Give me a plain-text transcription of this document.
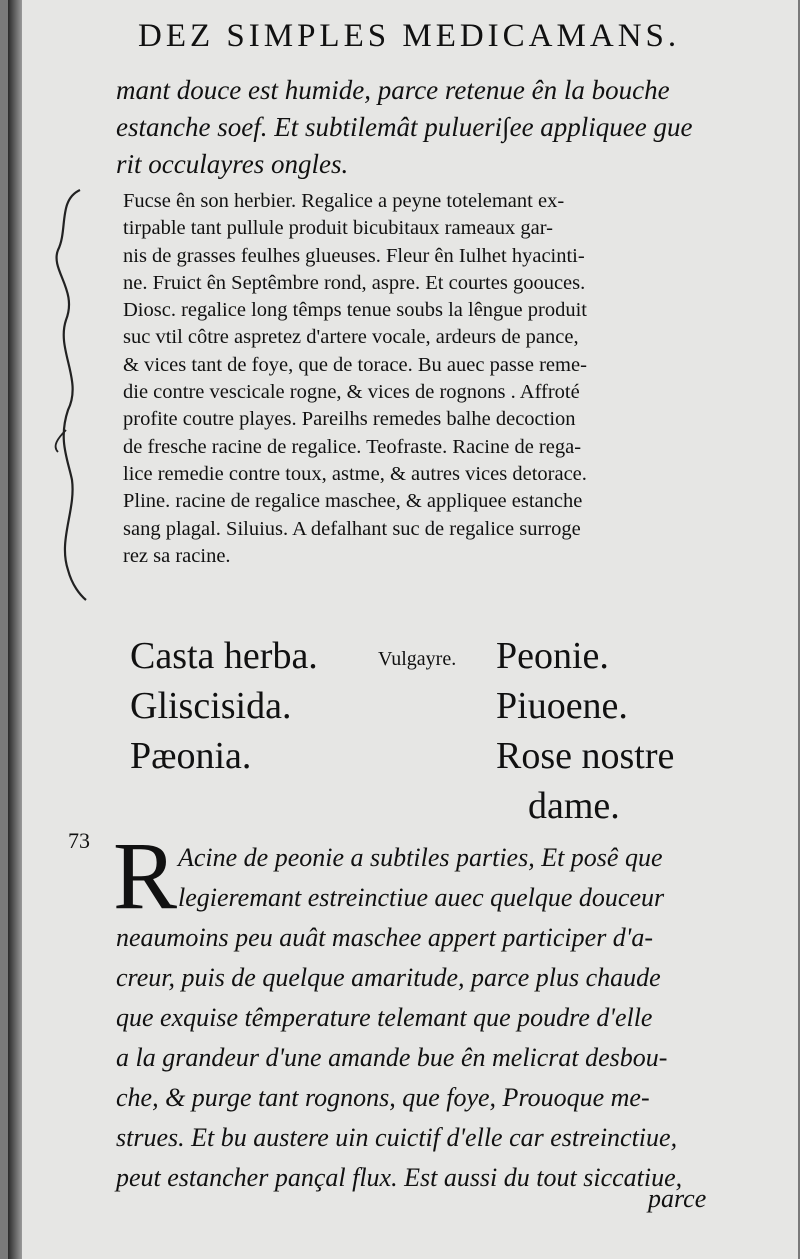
DEZ SIMPLES MEDICAMANS.
mant douce est humide, parce retenue ên la bouche
estanche soef. Et subtilemât pulueri∫ee appliquee gue
rit occulayres ongles.
Fucse ên son herbier. Regalice a peyne totelemant ex-
tirpable tant pullule produit bicubitaux rameaux gar-
nis de grasses feulhes glueuses. Fleur ên Iulhet hyacinti-
ne. Fruict ên Septêmbre rond, aspre. Et courtes goouces.
Diosc. regalice long têmps tenue soubs la lêngue produit
suc vtil côtre aspretez d'artere vocale, ardeurs de pance,
& vices tant de foye, que de torace. Bu auec passe reme-
die contre vescicale rogne, & vices de rognons . Affroté
profite coutre playes. Pareilhs remedes balhe decoction
de fresche racine de regalice. Teofraste. Racine de rega-
lice remedie contre toux, astme, & autres vices detorace.
Pline. racine de regalice maschee, & appliquee estanche
sang plagal. Siluius. A defalhant suc de regalice surroge
rez sa racine.
Casta herba.
Gliscisida.
Pæonia.
Vulgayre. Peonie.
Piuoene.
Rose nostre
dame.
73 R Acine de peonie a subtiles parties, Et posê que
legieremant estreinctiue auec quelque douceur
neaumoins peu auât maschee appert participer d'a-
creur, puis de quelque amaritude, parce plus chaude
que exquise têmperature telemant que poudre d'elle
a la grandeur d'une amande bue ên melicrat desbou-
che, & purge tant rognons, que foye, Prouoque me-
strues. Et bu austere uin cuictif d'elle car estreinctiue,
peut estancher pançal flux. Est aussi du tout siccatiue,
parce
